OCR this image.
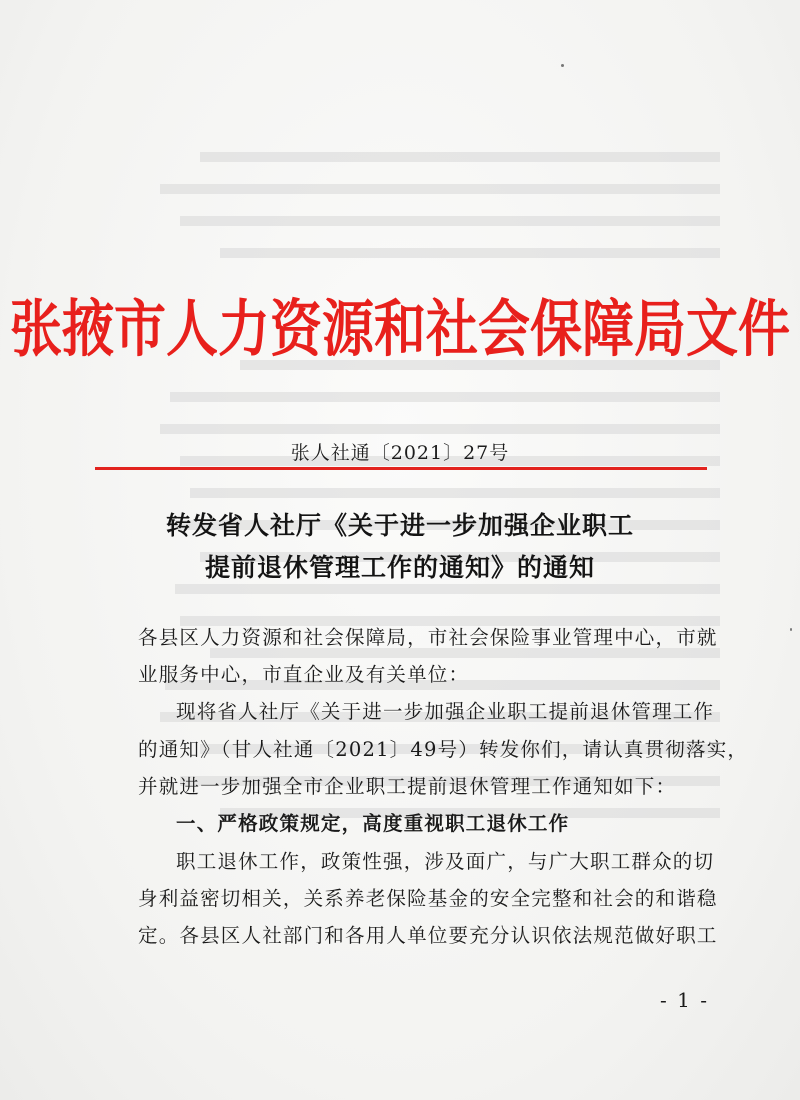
张掖市人力资源和社会保障局文件
张人社通〔2021〕27号
转发省人社厅《关于进一步加强企业职工
提前退休管理工作的通知》的通知
各县区人力资源和社会保障局，市社会保险事业管理中心，市就
业服务中心，市直企业及有关单位：
现将省人社厅《关于进一步加强企业职工提前退休管理工作
的通知》（甘人社通〔2021〕49号）转发你们，请认真贯彻落实，
并就进一步加强全市企业职工提前退休管理工作通知如下：
一、严格政策规定，高度重视职工退休工作
职工退休工作，政策性强，涉及面广，与广大职工群众的切
身利益密切相关，关系养老保险基金的安全完整和社会的和谐稳
定。各县区人社部门和各用人单位要充分认识依法规范做好职工
- 1 -
